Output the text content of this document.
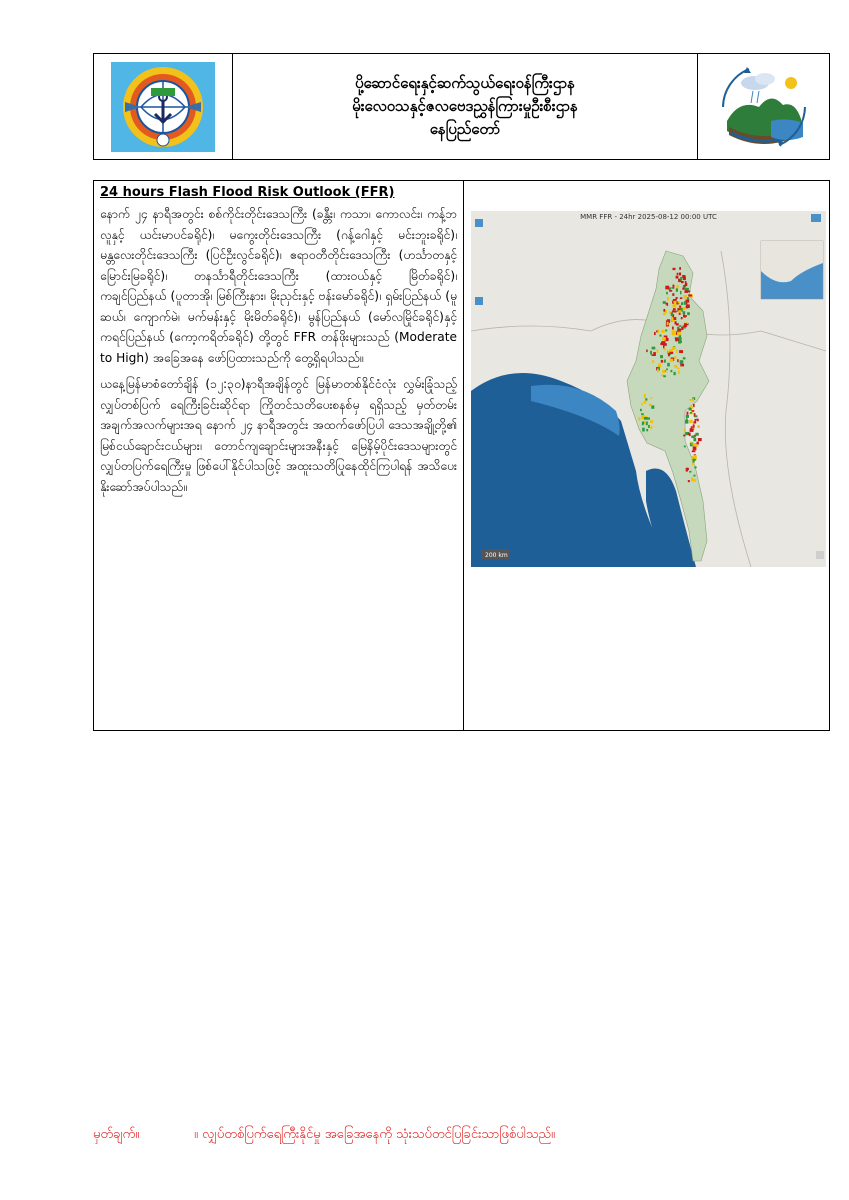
ပို့ဆောင်ရေးနှင့်ဆက်သွယ်ရေးဝန်ကြီးဌာန
မိုးလေဝသနှင့်ဇလဗေဒညွှန်ကြားမှုဦးစီးဌာန
နေပြည်တော်
24 hours Flash Flood Risk Outlook (FFR)

နောက် ၂၄ နာရီအတွင်း စစ်ကိုင်းတိုင်းဒေသကြီး (ခန္တီး၊ ကသာ၊ ကောလင်း၊ ကန့်ဘလူနှင့် ယင်းမာပင်ခရိုင်)၊ မကွေးတိုင်းဒေသကြီး (ဂန့်ဂေါနှင့် မင်းဘူးခရိုင်)၊ မန္တလေးတိုင်းဒေသကြီး (ပြင်ဦးလွင်ခရိုင်)၊ ဧရာဝတီတိုင်းဒေသကြီး (ဟင်္သာတနှင့် မြောင်းမြခရိုင်)၊ တနင်္သာရီတိုင်းဒေသကြီး (ထားဝယ်နှင့် မြိတ်ခရိုင်)၊ ကချင်ပြည်နယ် (ပူတာအို၊ မြစ်ကြီးနား၊ မိုးညှင်းနှင့် ဗန်းမော်ခရိုင်)၊ ရှမ်းပြည်နယ် (မူဆယ်၊ ကျောက်မဲ၊ မက်မန်းနှင့် မိုးမိတ်ခရိုင်)၊ မွန်ပြည်နယ် (မော်လမြိုင်ခရိုင်)နှင့် ကရင်ပြည်နယ် (ကော့ကရိတ်ခရိုင်) တို့တွင် FFR တန်ဖိုးများသည် (Moderate to High) အခြေအနေ ဖော်ပြထားသည်ကို တွေ့ရှိရပါသည်။

ယနေ့မြန်မာစံတော်ချိန် (၁၂:၃၀)နာရီအချိန်တွင် မြန်မာတစ်နိုင်ငံလုံး လွှမ်းခြုံသည့် လျှပ်တစ်ပြက် ရေကြီးခြင်းဆိုင်ရာ ကြိုတင်သတိပေးစနစ်မှ ရရှိသည့် မှတ်တမ်းအချက်အလက်များအရ နောက် ၂၄ နာရီအတွင်း အထက်ဖော်ပြပါ ဒေသအချို့တို့၏ မြစ်ငယ်ချောင်းငယ်များ၊ တောင်ကျချောင်းများအနီးနှင့် မြေနိမ့်ပိုင်းဒေသများတွင် လျှပ်တပြက်ရေကြီးမှု ဖြစ်ပေါ်နိုင်ပါသဖြင့် အထူးသတိပြုနေထိုင်ကြပါရန် အသိပေးနိုးဆော်အပ်ပါသည်။

200 km
MMR FFR - 24hr 2025-08-12 00:00 UTC
မှတ်ချက်။	။ လျှပ်တစ်ပြက်ရေကြီးနိုင်မှု အခြေအနေကို သုံးသပ်တင်ပြခြင်းသာဖြစ်ပါသည်။
